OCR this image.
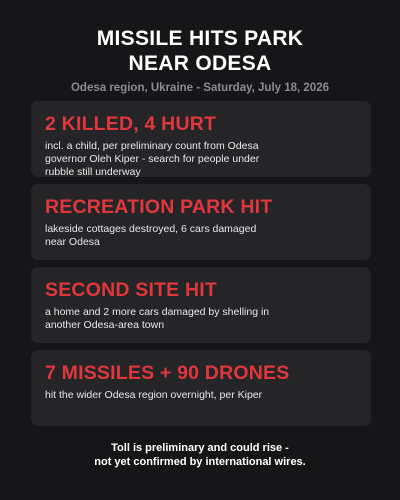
MISSILE HITS PARK
NEAR ODESA
Odesa region, Ukraine - Saturday, July 18, 2026
2 KILLED, 4 HURT
incl. a child, per preliminary count from Odesa governor Oleh Kiper - search for people under rubble still underway
RECREATION PARK HIT
lakeside cottages destroyed, 6 cars damaged near Odesa
SECOND SITE HIT
a home and 2 more cars damaged by shelling in another Odesa-area town
7 MISSILES + 90 DRONES
hit the wider Odesa region overnight, per Kiper
Toll is preliminary and could rise -
not yet confirmed by international wires.
